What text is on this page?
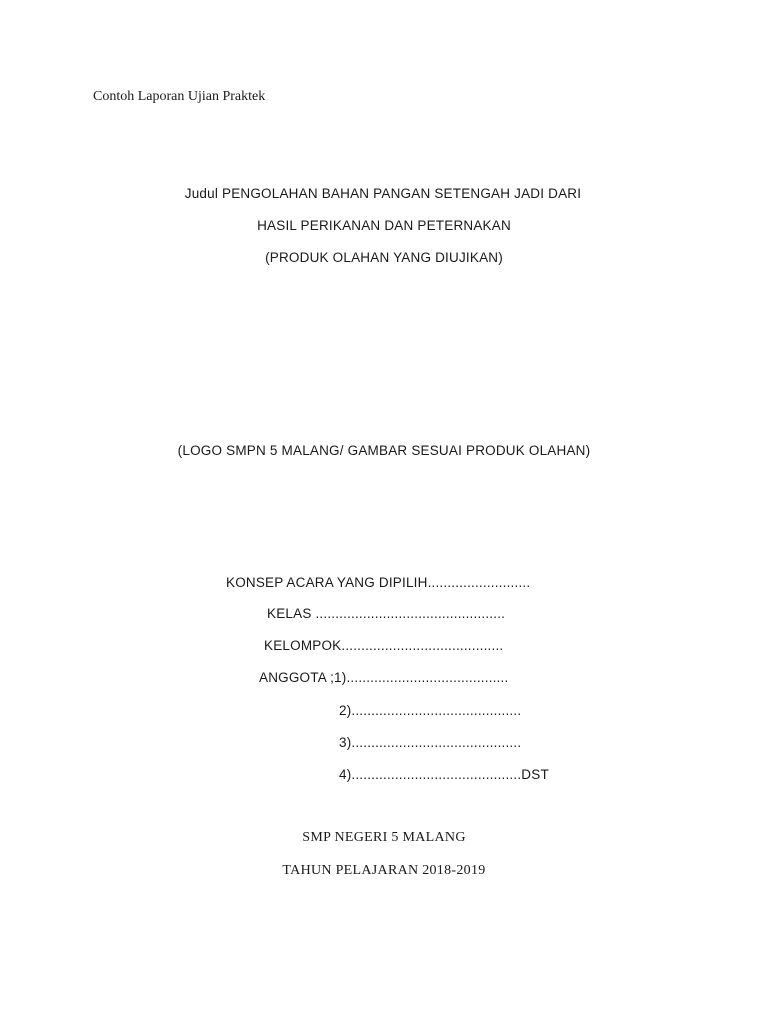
Contoh Laporan Ujian Praktek
Judul PENGOLAHAN BAHAN PANGAN SETENGAH JADI DARI
HASIL PERIKANAN DAN PETERNAKAN
(PRODUK OLAHAN YANG DIUJIKAN)
(LOGO SMPN 5 MALANG/ GAMBAR SESUAI PRODUK OLAHAN)
KONSEP ACARA YANG DIPILIH..........................
KELAS ................................................
KELOMPOK.........................................
ANGGOTA ;1).........................................
2)...........................................
3)...........................................
4)...........................................DST
SMP NEGERI 5 MALANG
TAHUN PELAJARAN 2018-2019
